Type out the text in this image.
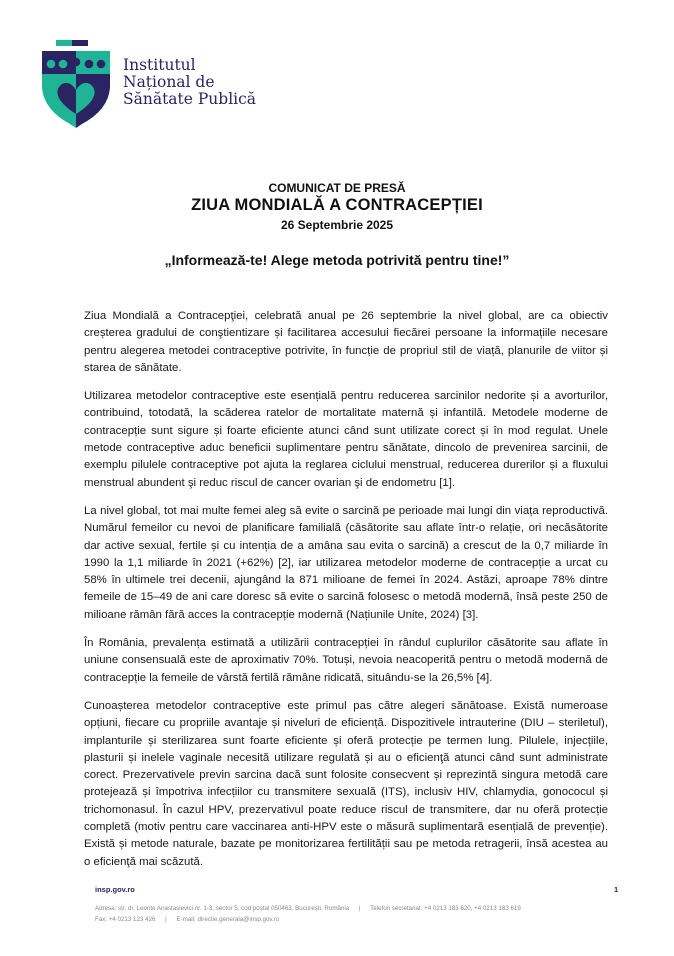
Institutul
Național de
Sănătate Publică
COMUNICAT DE PRESĂ
ZIUA MONDIALĂ A CONTRACEPȚIEI
26 Septembrie 2025
„Informează-te! Alege metoda potrivită pentru tine!”

Ziua Mondială a Contracepţiei, celebrată anual pe 26 septembrie la nivel global, are ca obiectiv creșterea gradului de conştientizare și facilitarea accesului fiecărei persoane la informațiile necesare pentru alegerea metodei contraceptive potrivite, în funcție de propriul stil de viață, planurile de viitor și starea de sănătate.

Utilizarea metodelor contraceptive este esențială pentru reducerea sarcinilor nedorite și a avorturilor, contribuind, totodată, la scăderea ratelor de mortalitate maternă și infantilă. Metodele moderne de contracepție sunt sigure și foarte eficiente atunci când sunt utilizate corect și în mod regulat. Unele metode contraceptive aduc beneficii suplimentare pentru sănătate, dincolo de prevenirea sarcinii, de exemplu pilulele contraceptive pot ajuta la reglarea ciclului menstrual, reducerea durerilor și a fluxului menstrual abundent şi reduc riscul de cancer ovarian şi de endometru [1].

La nivel global, tot mai multe femei aleg să evite o sarcină pe perioade mai lungi din viața reproductivă. Numărul femeilor cu nevoi de planificare familială (căsătorite sau aflate într-o relație, ori necăsătorite dar active sexual, fertile și cu intenția de a amâna sau evita o sarcină) a crescut de la 0,7 miliarde în 1990 la 1,1 miliarde în 2021 (+62%) [2], iar utilizarea metodelor moderne de contracepție a urcat cu 58% în ultimele trei decenii, ajungând la 871 milioane de femei în 2024. Astăzi, aproape 78% dintre femeile de 15–49 de ani care doresc să evite o sarcină folosesc o metodă modernă, însă peste 250 de milioane rămân fără acces la contracepție modernă (Națiunile Unite, 2024) [3].

În România, prevalența estimată a utilizării contracepției în rândul cuplurilor căsătorite sau aflate în uniune consensuală este de aproximativ 70%. Totuși, nevoia neacoperită pentru o metodă modernă de contracepție la femeile de vârstă fertilă rămâne ridicată, situându-se la 26,5% [4].

Cunoașterea metodelor contraceptive este primul pas către alegeri sănătoase. Există numeroase opțiuni, fiecare cu propriile avantaje și niveluri de eficiență. Dispozitivele intrauterine (DIU – steriletul), implanturile și sterilizarea sunt foarte eficiente și oferă protecție pe termen lung. Pilulele, injecțiile, plasturii și inelele vaginale necesită utilizare regulată și au o eficienţă atunci când sunt administrate corect. Prezervativele previn sarcina dacă sunt folosite consecvent și reprezintă singura metodă care protejează și împotriva infecțiilor cu transmitere sexuală (ITS), inclusiv HIV, chlamydia, gonococul și trichomonasul. În cazul HPV, prezervativul poate reduce riscul de transmitere, dar nu oferă protecție completă (motiv pentru care vaccinarea anti-HPV este o măsură suplimentară esențială de prevenție). Există și metode naturale, bazate pe monitorizarea fertilității sau pe metoda retragerii, însă acestea au o eficienţă mai scăzută.

insp.gov.ro	1
Adresa: str. dr. Leonte Anastasievici nr. 1-3, sector 5, cod poștal 050463, București, România | Telefon secretariat: +4 0213 183 620, +4 0213 183 619
Fax: +4 0213 123 426 | E-mail: directie.generala@insp.gov.ro
